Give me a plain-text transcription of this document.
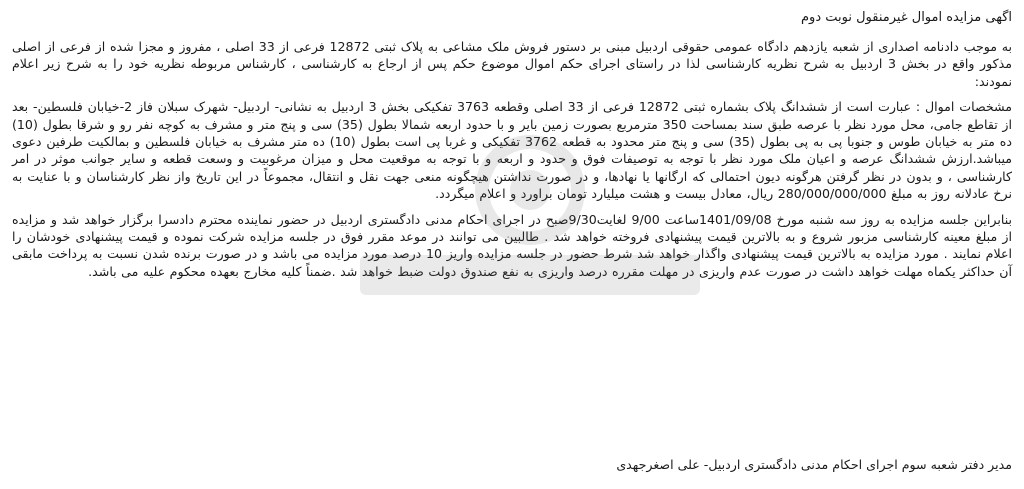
اگهی مزایده اموال غیرمنقول نوبت دوم

به موجب دادنامه اصداری از شعبه یازدهم دادگاه عمومی حقوقی اردبیل مبنی بر دستور فروش ملک مشاعی به پلاک ثبتی 12872 فرعی از 33 اصلی ، مفروز و مجزا شده از فرعی از اصلی مذکور واقع در بخش 3 اردبیل به شرح نظریه کارشناسی لذا در راستای اجرای حکم اموال موضوع حکم پس از ارجاع به کارشناسی ، کارشناس مربوطه نظریه خود را به شرح زیر اعلام نمودند:

مشخصات اموال : عبارت است از ششدانگ پلاک بشماره ثبتی 12872 فرعی از 33 اصلی وقطعه 3763 تفکیکی بخش 3 اردبیل به نشانی- اردبیل- شهرک سبلان فاز 2-خیابان فلسطین- بعد از تقاطع جامی، محل مورد نظر با عرصه طبق سند بمساحت 350 مترمربع بصورت زمین بایر و با حدود اربعه شمالا بطول (35) سی و پنج متر و مشرف به کوچه نفر رو و شرقا بطول (10) ده متر به خیابان طوس و جنوبا پی به پی بطول (35) سی و پنج متر محدود به قطعه 3762 تفکیکی و غربا پی است بطول (10) ده متر مشرف به خیابان فلسطین و بمالکیت طرفین دعوی میباشد.ارزش ششدانگ عرصه و اعیان ملک مورد نظر با توجه به توصیفات فوق و حدود و اربعه و با توجه به موقعیت محل و میزان مرغوبیت و وسعت قطعه و سایر جوانب موثر در امر کارشناسی ، و بدون در نظر گرفتن هرگونه دیون احتمالی که ارگانها یا نهادها، و در صورت نداشتن هیچگونه منعی جهت نقل و انتقال، مجموعاً در این تاریخ واز نظر کارشناسان و با عنایت به نرخ عادلانه روز به مبلغ 280/000/000/000 ریال، معادل بیست و هشت میلیارد تومان براورد و اعلام میگردد.

بنابراین جلسه مزایده به روز سه شنبه مورخ 1401/09/08ساعت 9/00 لغایت9/30صبح در اجرای احکام مدنی دادگستری اردبیل در حضور نماینده محترم دادسرا برگزار خواهد شد و مزایده از مبلغ معینه کارشناسی مزبور شروع و به بالاترین قیمت پیشنهادی فروخته خواهد شد . طالبین می توانند در موعد مقرر فوق در جلسه مزایده شرکت نموده و قیمت پیشنهادی خودشان را اعلام نمایند . مورد مزایده به بالاترین قیمت پیشنهادی واگذار خواهد شد شرط حضور در جلسه مزایده واریز 10 درصد مورد مزایده می باشد و در صورت برنده شدن نسبت به پرداخت مابقی آن حداکثر یکماه مهلت خواهد داشت در صورت عدم واریزی در مهلت مقرره درصد واریزی به نفع صندوق دولت ضبط خواهد شد .ضمناً کلیه مخارج بعهده محکوم علیه می باشد.

مدیر دفتر شعبه سوم اجرای احکام مدنی دادگستری اردبیل- علی اصغرجهدی
